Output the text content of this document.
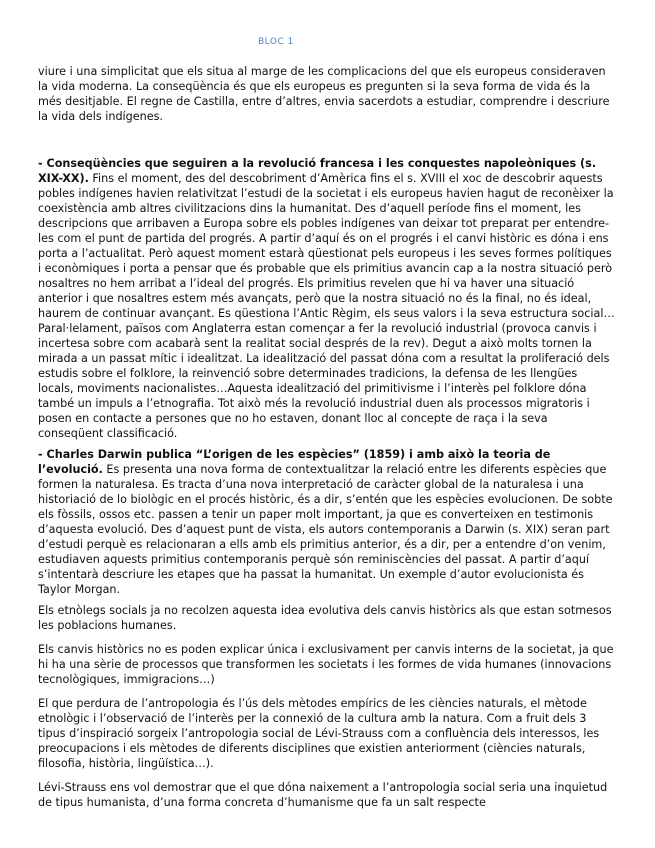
BLOC 1

viure i una simplicitat que els situa al marge de les complicacions del que els europeus consideraven la vida moderna. La conseqüència és que els europeus es pregunten si la seva forma de vida és la més desitjable. El regne de Castilla, entre d’altres, envia sacerdots a estudiar, comprendre i descriure la vida dels indígenes.

- Conseqüències que seguiren a la revolució francesa i les conquestes napoleòniques (s. XIX-XX). Fins el moment, des del descobriment d’Amèrica fins el s. XVIII el xoc de descobrir aquests pobles indígenes havien relativitzat l’estudi de la societat i els europeus havien hagut de reconèixer la coexistència amb altres civilitzacions dins la humanitat. Des d’aquell període fins el moment, les descripcions que arribaven a Europa sobre els pobles indígenes van deixar tot preparat per entendre-les com el punt de partida del progrés. A partir d’aquí és on el progrés i el canvi històric es dóna i ens porta a l’actualitat. Però aquest moment estarà qüestionat pels europeus i les seves formes polítiques i econòmiques i porta a pensar que és probable que els primitius avancin cap a la nostra situació però nosaltres no hem arribat a l’ideal del progrés. Els primitius revelen que hi va haver una situació anterior i que nosaltres estem més avançats, però que la nostra situació no és la final, no és ideal, haurem de continuar avançant. Es qüestiona l’Antic Règim, els seus valors i la seva estructura social…Paral·lelament, països com Anglaterra estan començar a fer la revolució industrial (provoca canvis i incertesa sobre com acabarà sent la realitat social després de la rev). Degut a això molts tornen la mirada a un passat mític i idealitzat. La idealització del passat dóna com a resultat la proliferació dels estudis sobre el folklore, la reinvenció sobre determinades tradicions, la defensa de les llengües locals, moviments nacionalistes…Aquesta idealització del primitivisme i l’interès pel folklore dóna també un impuls a l’etnografia. Tot això més la revolució industrial duen als processos migratoris i posen en contacte a persones que no ho estaven, donant lloc al concepte de raça i la seva conseqüent classificació.

- Charles Darwin publica “L’origen de les espècies” (1859) i amb això la teoria de l’evolució. Es presenta una nova forma de contextualitzar la relació entre les diferents espècies que formen la naturalesa. Es tracta d’una nova interpretació de caràcter global de la naturalesa i una historiació de lo biològic en el procés històric, és a dir, s’entén que les espècies evolucionen. De sobte els fòssils, ossos etc. passen a tenir un paper molt important, ja que es converteixen en testimonis d’aquesta evolució. Des d’aquest punt de vista, els autors contemporanis a Darwin (s. XIX) seran part d’estudi perquè es relacionaran a ells amb els primitius anterior, és a dir, per a entendre d’on venim, estudiaven aquests primitius contemporanis perquè són reminiscències del passat. A partir d’aquí s’intentarà descriure les etapes que ha passat la humanitat. Un exemple d’autor evolucionista és Taylor Morgan.

Els etnòlegs socials ja no recolzen aquesta idea evolutiva dels canvis històrics als que estan sotmesos les poblacions humanes.

Els canvis històrics no es poden explicar única i exclusivament per canvis interns de la societat, ja que hi ha una sèrie de processos que transformen les societats i les formes de vida humanes (innovacions tecnològiques, immigracions…)

El que perdura de l’antropologia és l’ús dels mètodes empírics de les ciències naturals, el mètode etnològic i l’observació de l’interès per la connexió de la cultura amb la natura. Com a fruit dels 3 tipus d’inspiració sorgeix l’antropologia social de Lévi-Strauss com a confluència dels interessos, les preocupacions i els mètodes de diferents disciplines que existien anteriorment (ciències naturals, filosofia, història, lingüística…).

Lévi-Strauss ens vol demostrar que el que dóna naixement a l’antropologia social seria una inquietud de tipus humanista, d’una forma concreta d’humanisme que fa un salt respecte
